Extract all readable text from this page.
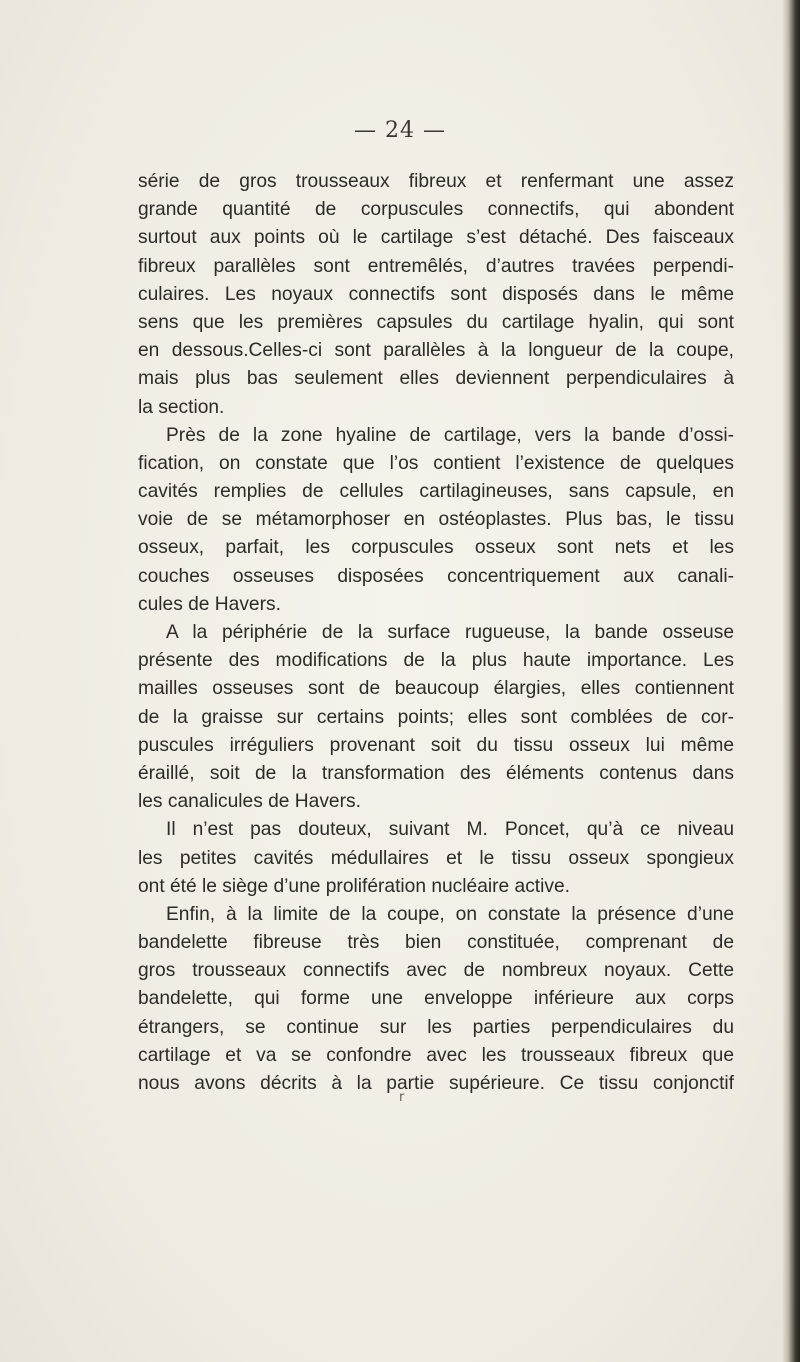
— 24 —
série de gros trousseaux fibreux et renfermant une assez
grande quantité de corpuscules connectifs, qui abondent
surtout aux points où le cartilage s’est détaché. Des faisceaux
fibreux parallèles sont entremêlés, d’autres travées perpendi-
culaires. Les noyaux connectifs sont disposés dans le même
sens que les premières capsules du cartilage hyalin, qui sont
en dessous.Celles-ci sont parallèles à la longueur de la coupe,
mais plus bas seulement elles deviennent perpendiculaires à
la section.
Près de la zone hyaline de cartilage, vers la bande d’ossi-
fication, on constate que l’os contient l’existence de quelques
cavités remplies de cellules cartilagineuses, sans capsule, en
voie de se métamorphoser en ostéoplastes. Plus bas, le tissu
osseux, parfait, les corpuscules osseux sont nets et les
couches osseuses disposées concentriquement aux canali-
cules de Havers.
A la périphérie de la surface rugueuse, la bande osseuse
présente des modifications de la plus haute importance. Les
mailles osseuses sont de beaucoup élargies, elles contiennent
de la graisse sur certains points; elles sont comblées de cor-
puscules irréguliers provenant soit du tissu osseux lui même
éraillé, soit de la transformation des éléments contenus dans
les canalicules de Havers.
Il n’est pas douteux, suivant M. Poncet, qu’à ce niveau
les petites cavités médullaires et le tissu osseux spongieux
ont été le siège d’une prolifération nucléaire active.
Enfin, à la limite de la coupe, on constate la présence d’une
bandelette fibreuse très bien constituée, comprenant de
gros trousseaux connectifs avec de nombreux noyaux. Cette
bandelette, qui forme une enveloppe inférieure aux corps
étrangers, se continue sur les parties perpendiculaires du
cartilage et va se confondre avec les trousseaux fibreux que
nous avons décrits à la partie supérieure. Ce tissu conjonctif
r
